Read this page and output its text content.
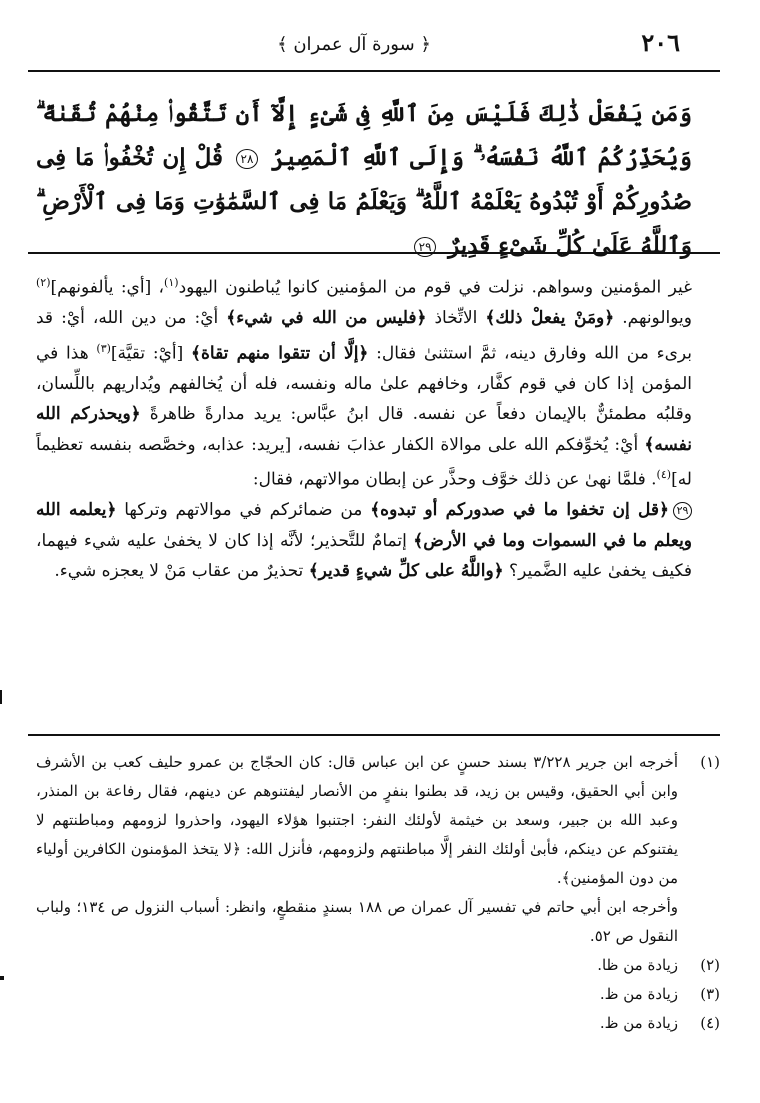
٢٠٦
﴿ سورة آل عمران ﴾
وَمَن يَفْعَلْ ذَٰلِكَ فَلَيْسَ مِنَ ٱللَّهِ فِى شَىْءٍ إِلَّآ أَن تَتَّقُوا۟ مِنْهُمْ تُقَىٰةً ۗ وَيُحَذِّرُكُمُ ٱللَّهُ نَفْسَهُۥ ۗ وَإِلَى ٱللَّهِ ٱلْمَصِيرُ ٢٨ قُلْ إِن تُخْفُوا۟ مَا فِى صُدُورِكُمْ أَوْ تُبْدُوهُ يَعْلَمْهُ ٱللَّهُ ۗ وَيَعْلَمُ مَا فِى ٱلسَّمَٰوَٰتِ وَمَا فِى ٱلْأَرْضِ ۗ وَٱللَّهُ عَلَىٰ كُلِّ شَىْءٍ قَدِيرٌ ٢٩

غير المؤمنين وسواهم. نزلت في قوم من المؤمنين كانوا يُباطنون اليهود$^{(١)}$، [أي: يألفونهم]$^{(٢)}$ ويوالونهم. ﴿ومَنْ يفعلْ ذلك﴾ الاتِّخاذ ﴿فليس من الله في شيء﴾ أيْ: من دين الله، أيْ: قد برىء من الله وفارق دينه، ثمَّ استثنىٰ فقال: ﴿إلَّا أن تتقوا منهم تقاة﴾ [أيْ: تقيَّة]$^{(٣)}$ هذا في المؤمن إذا كان في قوم كفَّار، وخافهم علىٰ ماله ونفسه، فله أن يُخالفهم ويُداريهم باللِّسان، وقلبُه مطمئنٌّ بالإيمان دفعاً عن نفسه. قال ابنُ عبَّاس: يريد مدارةً ظاهرةً ﴿ويحذركم الله نفسه﴾ أيْ: يُخوِّفكم الله على موالاة الكفار عذابَ نفسه، [يريد: عذابه، وخصَّصه بنفسه تعظيماً له]$^{(٤)}$. فلمَّا نهىٰ عن ذلك خوَّف وحذَّر عن إبطان موالاتهم، فقال:

٢٩﴿قل إن تخفوا ما في صدوركم أو تبدوه﴾ من ضمائركم في موالاتهم وتركها ﴿يعلمه الله ويعلم ما في السموات وما في الأرض﴾ إتمامٌ للتَّحذير؛ لأنَّه إذا كان لا يخفىٰ عليه شيء فيهما، فكيف يخفىٰ عليه الضَّمير؟ ﴿واللَّهُ على كلِّ شيءٍ قدير﴾ تحذيرٌ من عقاب مَنْ لا يعجزه شيء.

(١)

أخرجه ابن جرير ٣/٢٢٨ بسند حسنٍ عن ابن عباس قال: كان الحجّاج بن عمرو حليف كعب بن الأشرف وابن أبي الحقيق، وقيس بن زيد، قد بطنوا بنفرٍ من الأنصار ليفتنوهم عن دينهم، فقال رفاعة بن المنذر، وعبد الله بن جبير، وسعد بن خيثمة لأولئك النفر: اجتنبوا هؤلاء اليهود، واحذروا لزومهم ومباطنتهم لا يفتنوكم عن دينكم، فأبىٰ أولئك النفر إلَّا مباطنتهم ولزومهم، فأنزل الله: ﴿لا يتخذ المؤمنون الكافرين أولياء من دون المؤمنين﴾.

وأخرجه ابن أبي حاتم في تفسير آل عمران ص ١٨٨ بسندٍ منقطعٍ، وانظر: أسباب النزول ص ١٣٤؛ ولباب النقول ص ٥٢.

(٢)
زيادة من ظا.
(٣)
زيادة من ظ.
(٤)
زيادة من ظ.
